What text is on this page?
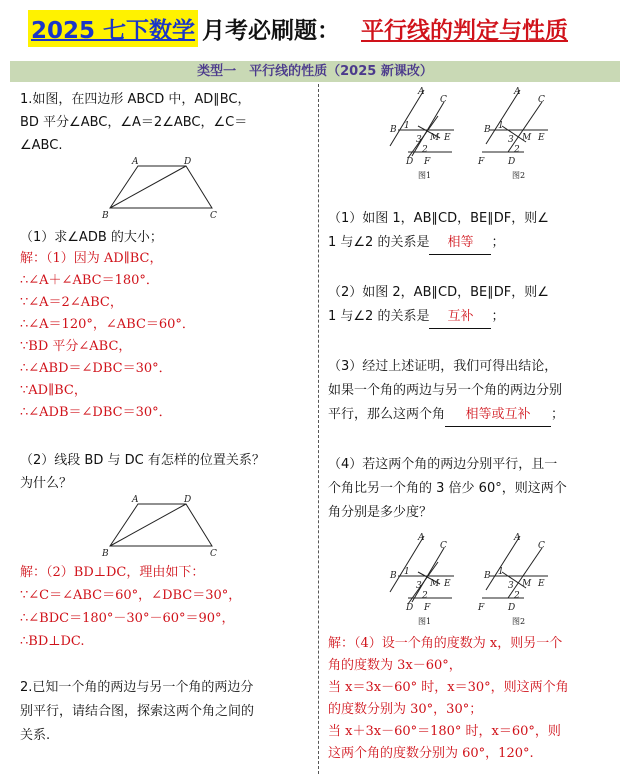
2025 七下数学 月考必刷题： 平行线的判定与性质
类型一　平行线的性质（2025 新课改）
1.如图，在四边形 ABCD 中，AD∥BC，
BD 平分∠ABC，∠A＝2∠ABC，∠C＝
∠ABC.
A	D
B	C
（1）求∠ADB 的大小；
解：（1）因为 AD∥BC，
∴∠A＋∠ABC＝180°．
∵∠A＝2∠ABC，
∴∠A＝120°，∠ABC＝60°．
∵BD 平分∠ABC，
∴∠ABD＝∠DBC＝30°．
∵AD∥BC，
∴∠ADB＝∠DBC＝30°．
（2）线段 BD 与 DC 有怎样的位置关系？
为什么？
A	D
B	C
解：（2）BD⊥DC，理由如下：
∵∠C＝∠ABC＝60°，∠DBC＝30°，
∴∠BDC＝180°－30°－60°＝90°，
∴BD⊥DC.
2.已知一个角的两边与另一个角的两边分
别平行，请结合图，探索这两个角之间的
关系.
A
C
B 1
3 M E
2
D F
图1
A
C
B 1
3 M E
2
F	D
图2
（1）如图 1，AB∥CD，BE∥DF，则∠
1 与∠2 的关系是 相等 ；
（2）如图 2，AB∥CD，BE∥DF，则∠
1 与∠2 的关系是 互补 ；
（3）经过上述证明，我们可得出结论，
如果一个角的两边与另一个角的两边分别
平行，那么这两个角 相等或互补 ；
（4）若这两个角的两边分别平行，且一
个角比另一个角的 3 倍少 60°，则这两个
角分别是多少度？
A
C
B 1
3 M E
2
D F
图1
A
C
B 1
3 M E
2
F	D
图2
解：（4）设一个角的度数为 x，则另一个
角的度数为 3x－60°，
当 x＝3x－60° 时，x＝30°，则这两个角
的度数分别为 30°，30°；
当 x＋3x－60°＝180° 时，x＝60°，则
这两个角的度数分别为 60°，120°.
